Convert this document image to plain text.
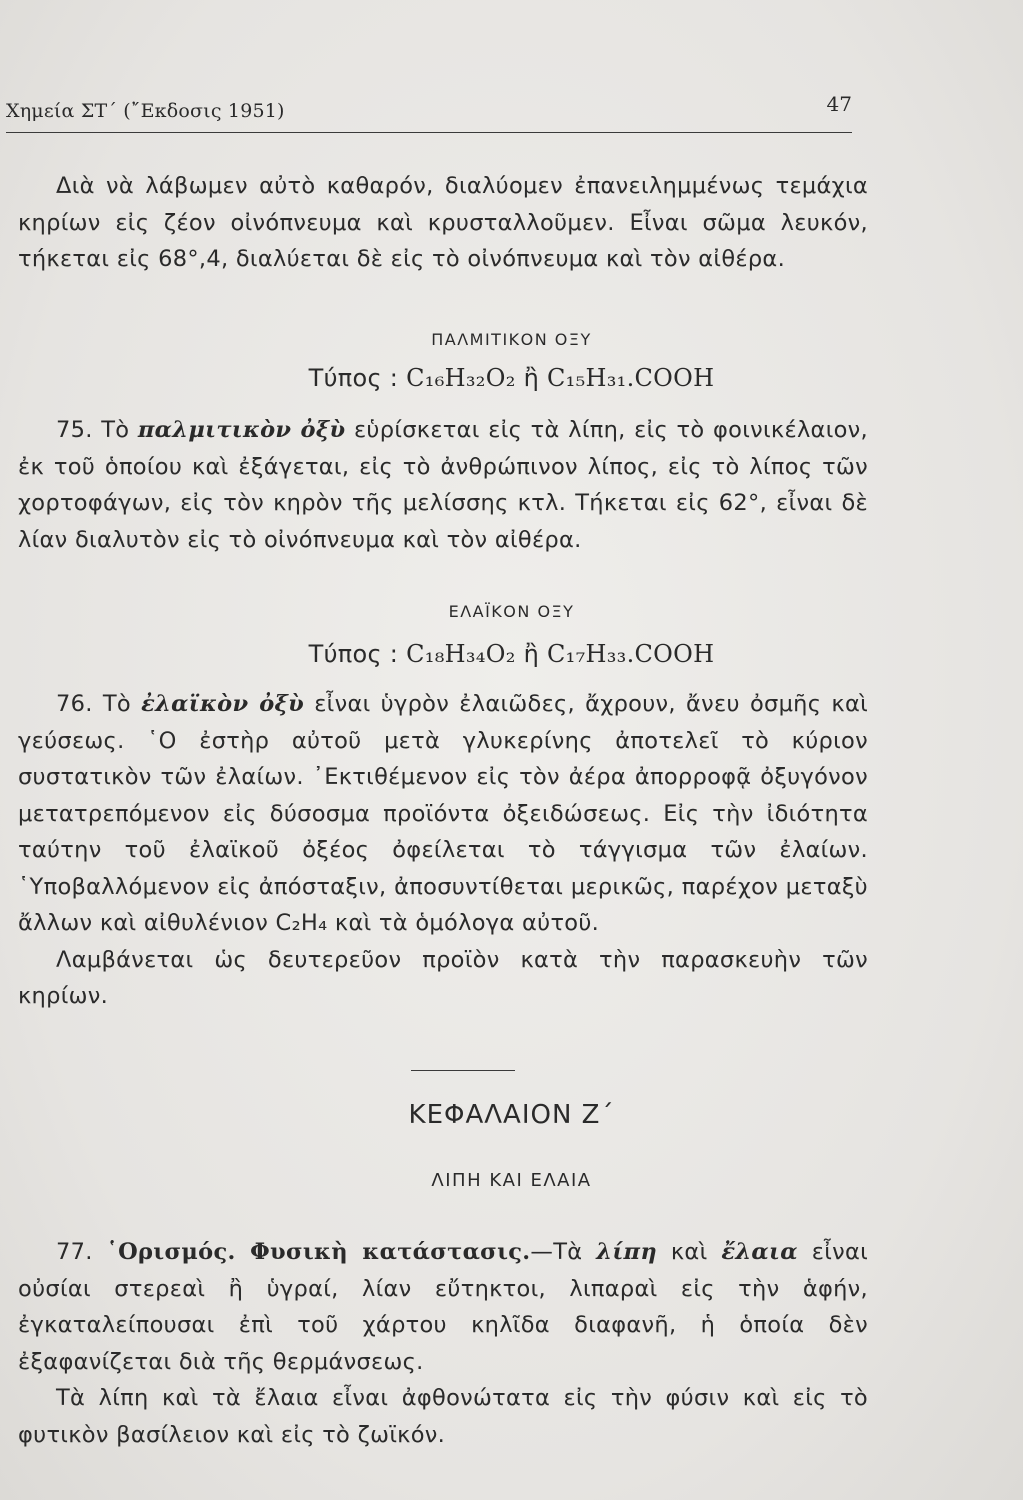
Χημεία ΣΤ΄ (῎Εκδοσις 1951)	47

Διὰ νὰ λάβωμεν αὐτὸ καθαρόν, διαλύομεν ἐπανειλημμένως τεμάχια κηρίων εἰς ζέον οἰνόπνευμα καὶ κρυσταλλοῦμεν. Εἶναι σῶμα λευκόν, τήκεται εἰς 68°,4, διαλύεται δὲ εἰς τὸ οἰνόπνευμα καὶ τὸν αἰθέρα.

ΠΑΛΜΙΤΙΚΟΝ ΟΞΥ
Τύπος : C₁₆H₃₂O₂ ἢ C₁₅H₃₁.COOH

75. Τὸ παλμιτικὸν ὀξὺ εὑρίσκεται εἰς τὰ λίπη, εἰς τὸ φοινικέλαιον, ἐκ τοῦ ὁποίου καὶ ἐξάγεται, εἰς τὸ ἀνθρώπινον λίπος, εἰς τὸ λίπος τῶν χορτοφάγων, εἰς τὸν κηρὸν τῆς μελίσσης κτλ. Τήκεται εἰς 62°, εἶναι δὲ λίαν διαλυτὸν εἰς τὸ οἰνόπνευμα καὶ τὸν αἰθέρα.

ΕΛΑΪΚΟΝ ΟΞΥ
Τύπος : C₁₈H₃₄O₂ ἢ C₁₇H₃₃.COOH

76. Τὸ ἐλαϊκὸν ὀξὺ εἶναι ὑγρὸν ἐλαιῶδες, ἄχρουν, ἄνευ ὀσμῆς καὶ γεύσεως. ῾Ο ἐστὴρ αὐτοῦ μετὰ γλυκερίνης ἀποτελεῖ τὸ κύριον συστατικὸν τῶν ἐλαίων. ᾿Εκτιθέμενον εἰς τὸν ἀέρα ἀπορροφᾷ ὀξυγόνον μετατρεπόμενον εἰς δύσοσμα προϊόντα ὀξειδώσεως. Εἰς τὴν ἰδιότητα ταύτην τοῦ ἐλαϊκοῦ ὀξέος ὀφείλεται τὸ τάγγισμα τῶν ἐλαίων. ῾Υποβαλλόμενον εἰς ἀπόσταξιν, ἀποσυντίθεται μερικῶς, παρέχον μεταξὺ ἄλλων καὶ αἰθυλένιον C₂H₄ καὶ τὰ ὁμόλογα αὐτοῦ.

Λαμβάνεται ὡς δευτερεῦον προϊὸν κατὰ τὴν παρασκευὴν τῶν κηρίων.

ΚΕΦΑΛΑΙΟΝ Ζ΄
ΛΙΠΗ ΚΑΙ ΕΛΑΙΑ

77. ῾Ορισμός. Φυσικὴ κατάστασις.—Τὰ λίπη καὶ ἔλαια εἶναι οὐσίαι στερεαὶ ἢ ὑγραί, λίαν εὔτηκτοι, λιπαραὶ εἰς τὴν ἁφήν, ἐγκαταλείπουσαι ἐπὶ τοῦ χάρτου κηλῖδα διαφανῆ, ἡ ὁποία δὲν ἐξαφανίζεται διὰ τῆς θερμάνσεως.

Τὰ λίπη καὶ τὰ ἔλαια εἶναι ἀφθονώτατα εἰς τὴν φύσιν καὶ εἰς τὸ φυτικὸν βασίλειον καὶ εἰς τὸ ζωϊκόν.
